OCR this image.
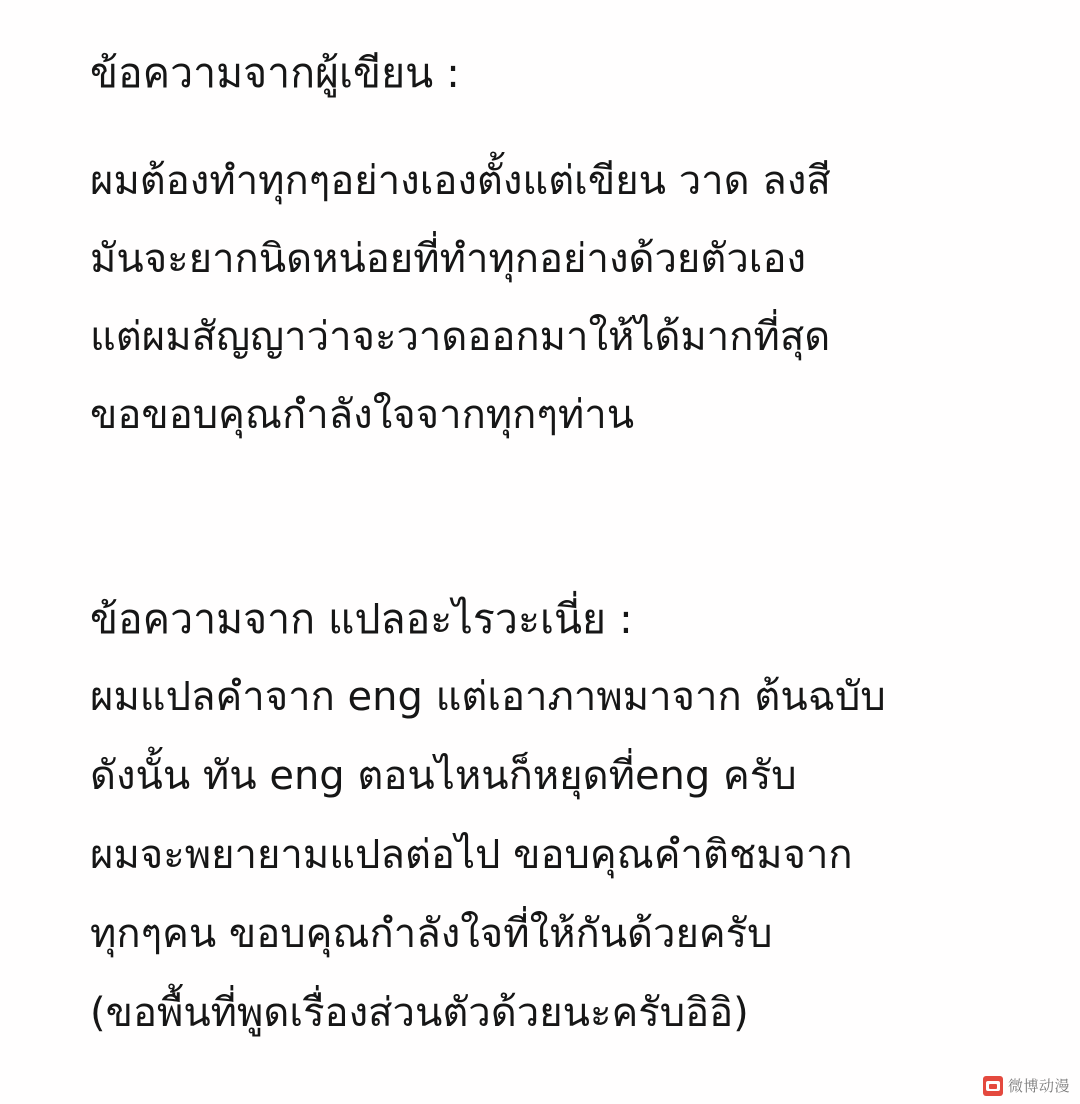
ข้อความจากผู้เขียน :
ผมต้องทำทุกๆอย่างเองตั้งแต่เขียน วาด ลงสี
มันจะยากนิดหน่อยที่ทำทุกอย่างด้วยตัวเอง
แต่ผมสัญญาว่าจะวาดออกมาให้ได้มากที่สุด
ขอขอบคุณกำลังใจจากทุกๆท่าน
ข้อความจาก แปลอะไรวะเนี่ย :
ผมแปลคำจาก eng แต่เอาภาพมาจาก ต้นฉบับ
ดังนั้น ทัน eng ตอนไหนก็หยุดที่eng ครับ
ผมจะพยายามแปลต่อไป ขอบคุณคำติชมจาก
ทุกๆคน ขอบคุณกำลังใจที่ให้กันด้วยครับ
(ขอพื้นที่พูดเรื่องส่วนตัวด้วยนะครับอิอิ)
微博动漫
